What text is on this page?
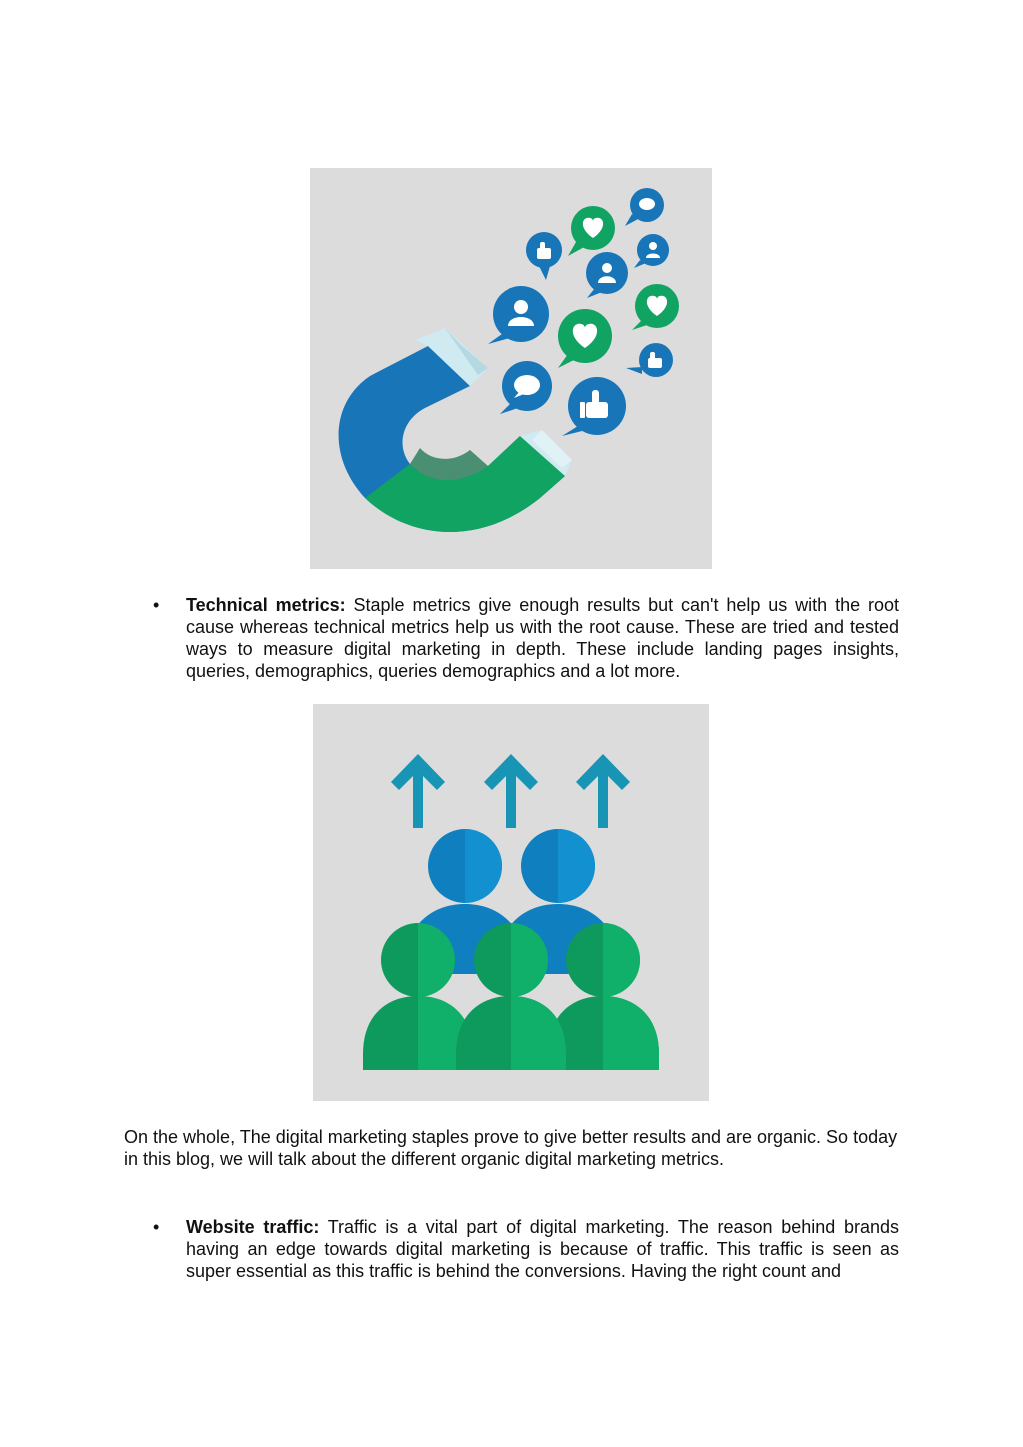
• Technical metrics: Staple metrics give enough results but can't help us with the root cause whereas technical metrics help us with the root cause. These are tried and tested ways to measure digital marketing in depth. These include landing pages insights, queries, demographics, queries demographics and a lot more.
On the whole, The digital marketing staples prove to give better results and are organic. So today in this blog, we will talk about the different organic digital marketing metrics.
• Website traffic: Traffic is a vital part of digital marketing. The reason behind brands having an edge towards digital marketing is because of traffic. This traffic is seen as super essential as this traffic is behind the conversions. Having the right count and
